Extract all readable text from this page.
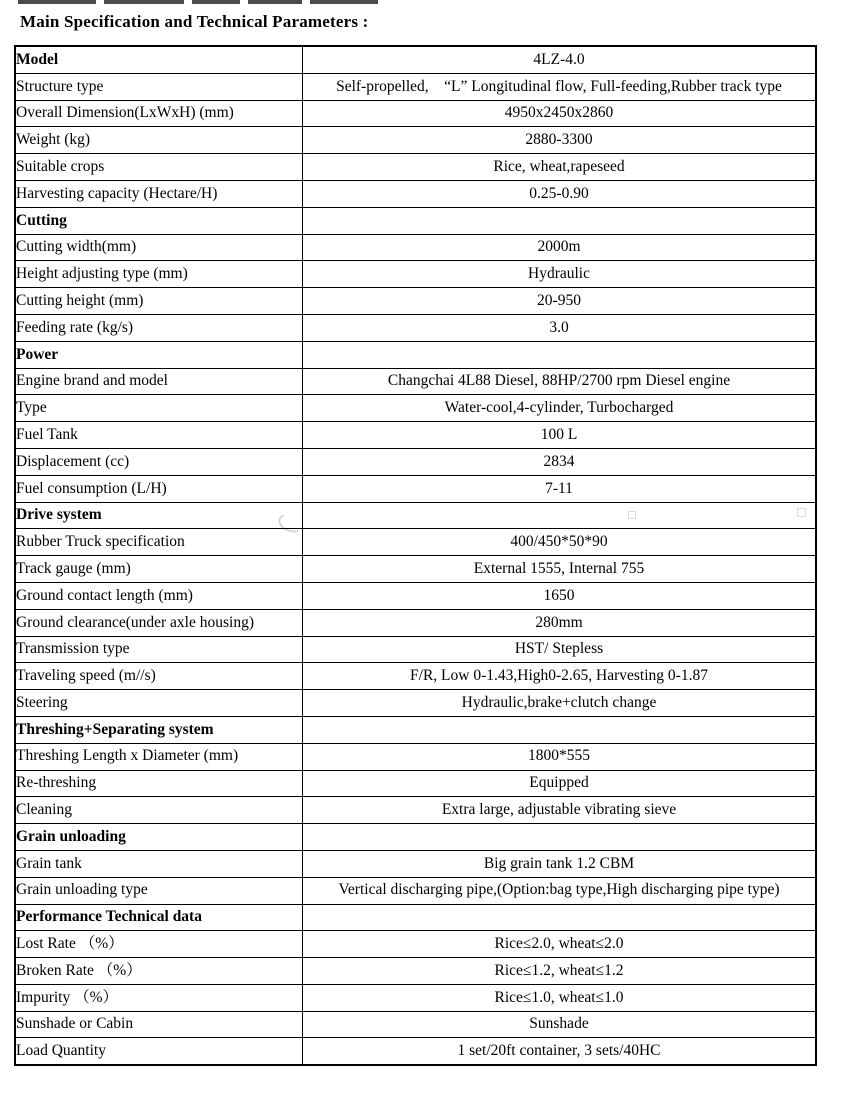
Main Specification and Technical Parameters :
Model	4LZ-4.0
Structure type	Self-propelled,　“L” Longitudinal flow, Full-feeding,Rubber track type
Overall Dimension(LxWxH) (mm)	4950x2450x2860
Weight (kg)	2880-3300
Suitable crops	Rice, wheat,rapeseed
Harvesting capacity (Hectare/H)	0.25-0.90
Cutting	
Cutting width(mm)	2000m
Height adjusting type (mm)	Hydraulic
Cutting height (mm)	20-950
Feeding rate (kg/s)	3.0
Power	
Engine brand and model	Changchai 4L88 Diesel, 88HP/2700 rpm Diesel engine
Type	Water-cool,4-cylinder, Turbocharged
Fuel Tank	100 L
Displacement (cc)	2834
Fuel consumption (L/H)	7-11
Drive system	
Rubber Truck specification	400/450*50*90
Track gauge (mm)	External 1555, Internal 755
Ground contact length (mm)	1650
Ground clearance(under axle housing)	280mm
Transmission type	HST/ Stepless
Traveling speed (m//s)	F/R, Low 0-1.43,High0-2.65, Harvesting 0-1.87
Steering	Hydraulic,brake+clutch change
Threshing+Separating system	
Threshing Length x Diameter (mm)	1800*555
Re-threshing	Equipped
Cleaning	Extra large, adjustable vibrating sieve
Grain unloading	
Grain tank	Big grain tank 1.2 CBM
Grain unloading type	Vertical discharging pipe,(Option:bag type,High discharging pipe type)
Performance Technical data	
Lost Rate （%）	Rice≤2.0, wheat≤2.0
Broken Rate （%）	Rice≤1.2, wheat≤1.2
Impurity （%）	Rice≤1.0, wheat≤1.0
Sunshade or Cabin	Sunshade
Load Quantity	1 set/20ft container, 3 sets/40HC
